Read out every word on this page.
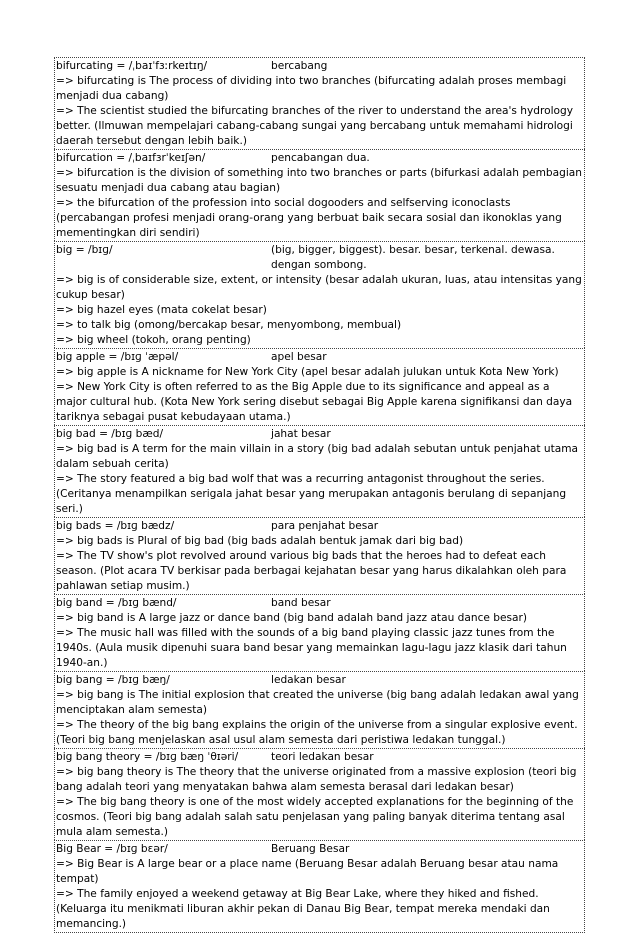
bifurcating = /ˌbaɪˈfɜːrkeɪtɪŋ/	bercabang
=> bifurcating is The process of dividing into two branches (bifurcating adalah proses membagi menjadi dua cabang)
=> The scientist studied the bifurcating branches of the river to understand the area's hydrology better. (Ilmuwan mempelajari cabang-cabang sungai yang bercabang untuk memahami hidrologi daerah tersebut dengan lebih baik.)
bifurcation = /ˌbaɪfɜrˈkeɪʃən/	pencabangan dua.
=> bifurcation is the division of something into two branches or parts (bifurkasi adalah pembagian sesuatu menjadi dua cabang atau bagian)
=> the bifurcation of the profession into social dogooders and selfserving iconoclasts (percabangan profesi menjadi orang-orang yang berbuat baik secara sosial dan ikonoklas yang mementingkan diri sendiri)
big = /bɪɡ/	(big, bigger, biggest). besar. besar, terkenal. dewasa. dengan sombong.
=> big is of considerable size, extent, or intensity (besar adalah ukuran, luas, atau intensitas yang cukup besar)
=> big hazel eyes (mata cokelat besar)
=> to talk big (omong/bercakap besar, menyombong, membual)
=> big wheel (tokoh, orang penting)
big apple = /bɪɡ ˈæpəl/	apel besar
=> big apple is A nickname for New York City (apel besar adalah julukan untuk Kota New York)
=> New York City is often referred to as the Big Apple due to its significance and appeal as a major cultural hub. (Kota New York sering disebut sebagai Big Apple karena signifikansi dan daya tariknya sebagai pusat kebudayaan utama.)
big bad = /bɪɡ bæd/	jahat besar
=> big bad is A term for the main villain in a story (big bad adalah sebutan untuk penjahat utama dalam sebuah cerita)
=> The story featured a big bad wolf that was a recurring antagonist throughout the series. (Ceritanya menampilkan serigala jahat besar yang merupakan antagonis berulang di sepanjang seri.)
big bads = /bɪɡ bædz/	para penjahat besar
=> big bads is Plural of big bad (big bads adalah bentuk jamak dari big bad)
=> The TV show's plot revolved around various big bads that the heroes had to defeat each season. (Plot acara TV berkisar pada berbagai kejahatan besar yang harus dikalahkan oleh para pahlawan setiap musim.)
big band = /bɪɡ bænd/	band besar
=> big band is A large jazz or dance band (big band adalah band jazz atau dance besar)
=> The music hall was filled with the sounds of a big band playing classic jazz tunes from the 1940s. (Aula musik dipenuhi suara band besar yang memainkan lagu-lagu jazz klasik dari tahun 1940-an.)
big bang = /bɪɡ bæŋ/	ledakan besar
=> big bang is The initial explosion that created the universe (big bang adalah ledakan awal yang menciptakan alam semesta)
=> The theory of the big bang explains the origin of the universe from a singular explosive event. (Teori big bang menjelaskan asal usul alam semesta dari peristiwa ledakan tunggal.)
big bang theory = /bɪɡ bæŋ ˈθɪəri/	teori ledakan besar
=> big bang theory is The theory that the universe originated from a massive explosion (teori big bang adalah teori yang menyatakan bahwa alam semesta berasal dari ledakan besar)
=> The big bang theory is one of the most widely accepted explanations for the beginning of the cosmos. (Teori big bang adalah salah satu penjelasan yang paling banyak diterima tentang asal mula alam semesta.)
Big Bear = /bɪɡ bɛər/	Beruang Besar
=> Big Bear is A large bear or a place name (Beruang Besar adalah Beruang besar atau nama tempat)
=> The family enjoyed a weekend getaway at Big Bear Lake, where they hiked and fished. (Keluarga itu menikmati liburan akhir pekan di Danau Big Bear, tempat mereka mendaki dan memancing.)
